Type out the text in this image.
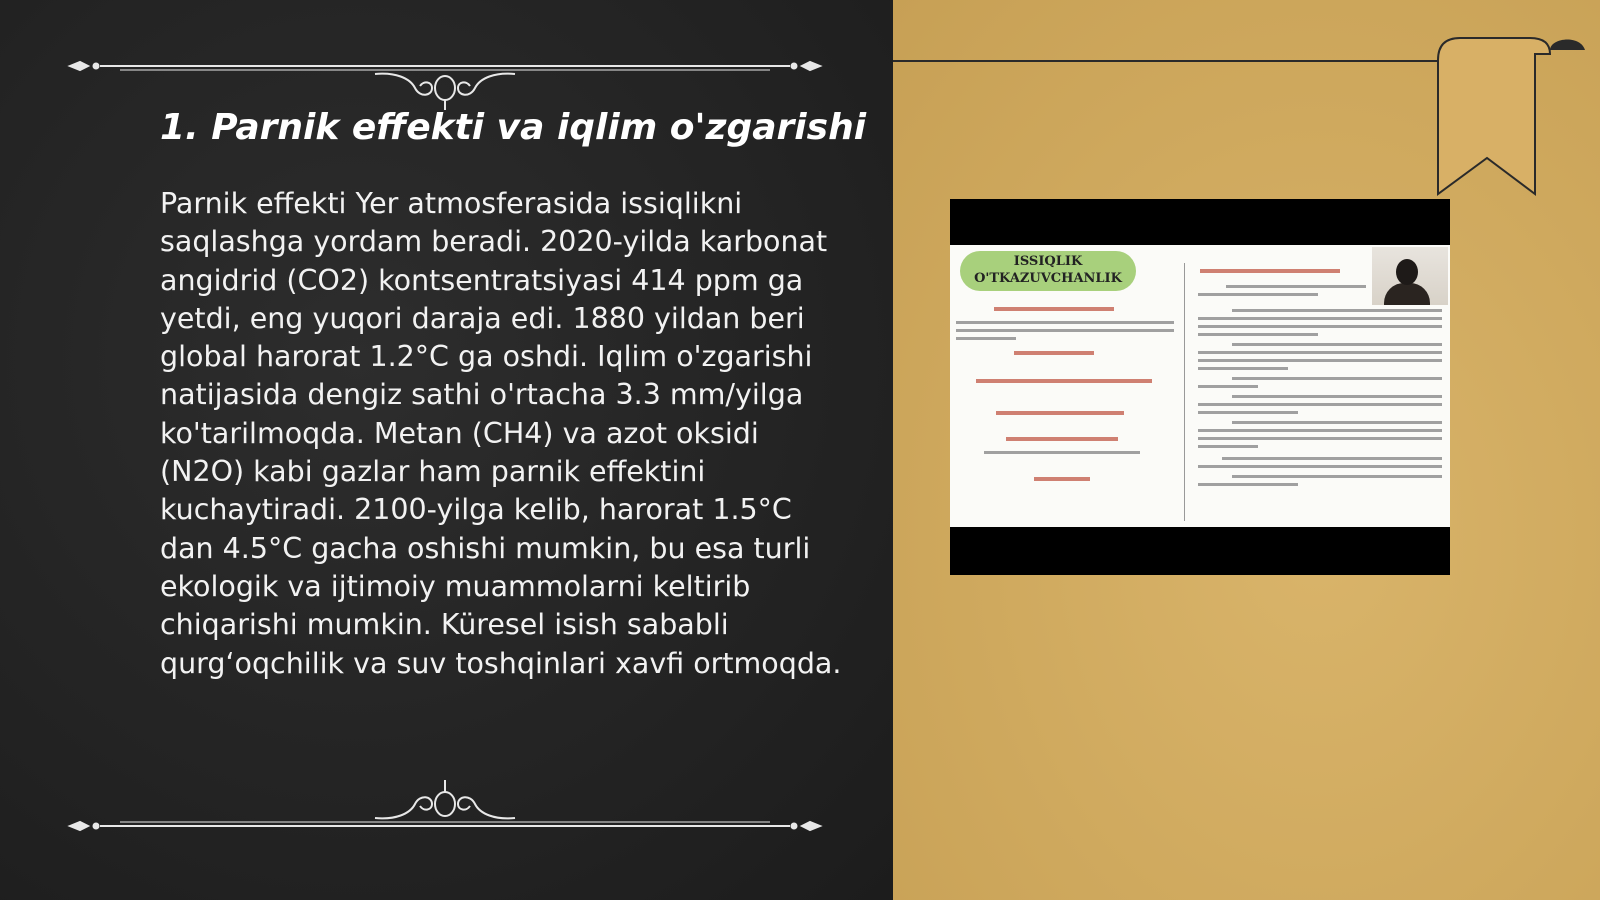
1. Parnik effekti va iqlim o'zgarishi
Parnik effekti Yer atmosferasida issiqlikni saqlashga yordam beradi. 2020-yilda karbonat angidrid (CO2) kontsentratsiyasi 414 ppm ga yetdi, eng yuqori daraja edi. 1880 yildan beri global harorat 1.2°C ga oshdi. Iqlim o'zgarishi natijasida dengiz sathi o'rtacha 3.3 mm/yilga ko'tarilmoqda. Metan (CH4) va azot oksidi (N2O) kabi gazlar ham parnik effektini kuchaytiradi. 2100-yilga kelib, harorat 1.5°C dan 4.5°C gacha oshishi mumkin, bu esa turli ekologik va ijtimoiy muammolarni keltirib chiqarishi mumkin. Küresel isish sababli qurg‘oqchilik va suv toshqinlari xavfi ortmoqda.
ISSIQLIK O'TKAZUVCHANLIK
